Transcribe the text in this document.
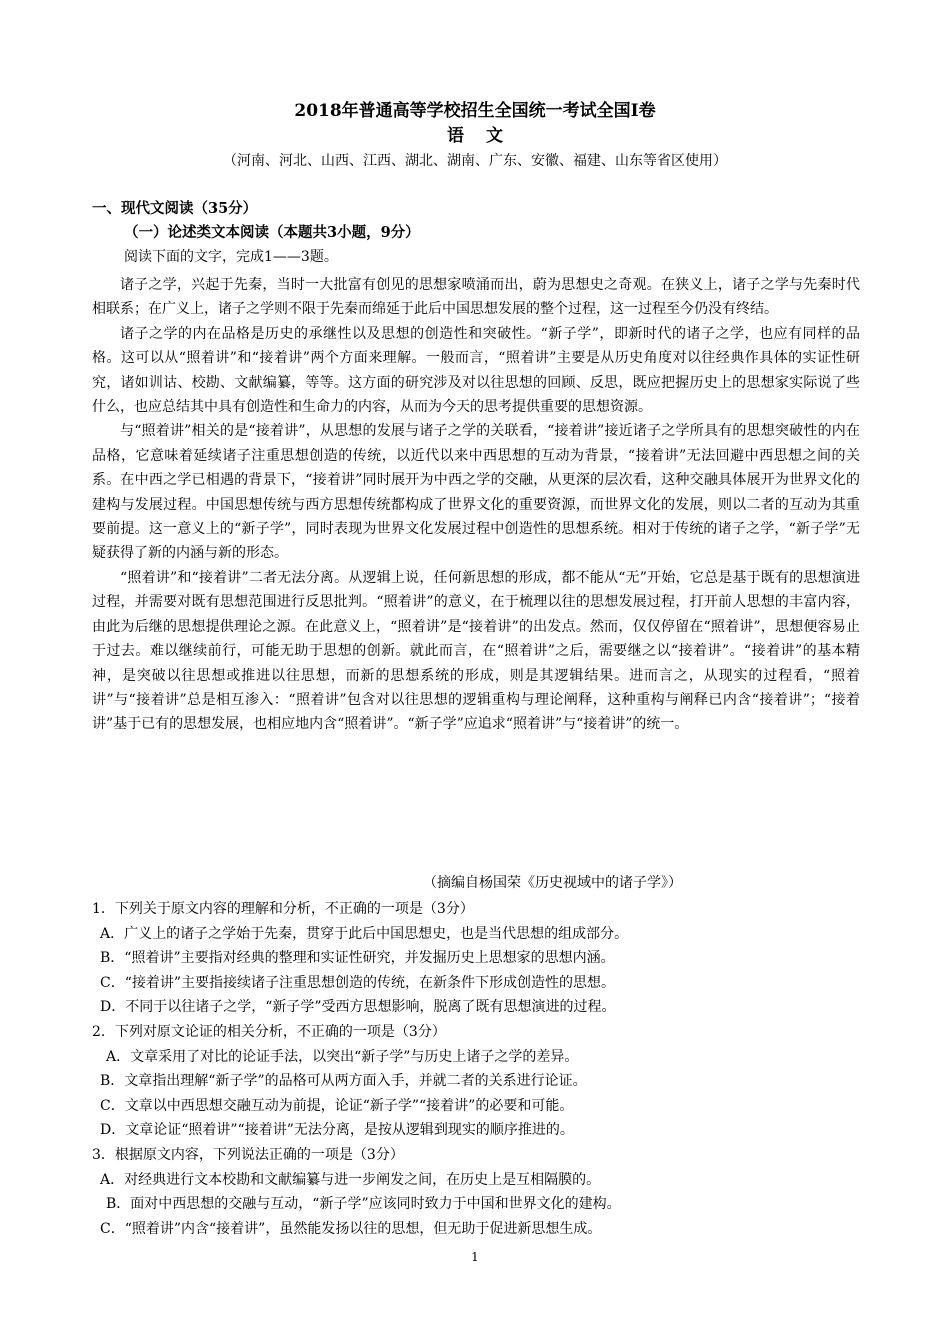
2018年普通高等学校招生全国统一考试全国Ⅰ卷
语文
（河南、河北、山西、江西、湖北、湖南、广东、安徽、福建、山东等省区使用）
一、现代文阅读（35分）
（一）论述类文本阅读（本题共3小题，9分）
阅读下面的文字，完成1——3题。

诸子之学，兴起于先秦，当时一大批富有创见的思想家喷涌而出，蔚为思想史之奇观。在狭义上，诸子之学与先秦时代相联系；在广义上，诸子之学则不限于先秦而绵延于此后中国思想发展的整个过程，这一过程至今仍没有终结。

诸子之学的内在品格是历史的承继性以及思想的创造性和突破性。“新子学”，即新时代的诸子之学，也应有同样的品格。这可以从“照着讲”和“接着讲”两个方面来理解。一般而言，“照着讲”主要是从历史角度对以往经典作具体的实证性研究，诸如训诂、校勘、文献编纂，等等。这方面的研究涉及对以往思想的回顾、反思，既应把握历史上的思想家实际说了些什么，也应总结其中具有创造性和生命力的内容，从而为今天的思考提供重要的思想资源。

与“照着讲”相关的是“接着讲”，从思想的发展与诸子之学的关联看，“接着讲”接近诸子之学所具有的思想突破性的内在品格，它意味着延续诸子注重思想创造的传统，以近代以来中西思想的互动为背景，“接着讲”无法回避中西思想之间的关系。在中西之学已相遇的背景下，“接着讲”同时展开为中西之学的交融，从更深的层次看，这种交融具体展开为世界文化的建构与发展过程。中国思想传统与西方思想传统都构成了世界文化的重要资源，而世界文化的发展，则以二者的互动为其重要前提。这一意义上的“新子学”，同时表现为世界文化发展过程中创造性的思想系统。相对于传统的诸子之学，“新子学”无疑获得了新的内涵与新的形态。

“照着讲”和“接着讲”二者无法分离。从逻辑上说，任何新思想的形成，都不能从“无”开始，它总是基于既有的思想演进过程，并需要对既有思想范围进行反思批判。“照着讲”的意义，在于梳理以往的思想发展过程，打开前人思想的丰富内容，由此为后继的思想提供理论之源。在此意义上，“照着讲”是“接着讲”的出发点。然而，仅仅停留在“照着讲”，思想便容易止于过去。难以继续前行，可能无助于思想的创新。就此而言，在“照着讲”之后，需要继之以“接着讲”。“接着讲”的基本精神，是突破以往思想或推进以往思想，而新的思想系统的形成，则是其逻辑结果。进而言之，从现实的过程看，“照着讲”与“接着讲”总是相互渗入：“照着讲”包含对以往思想的逻辑重构与理论阐释，这种重构与阐释已内含“接着讲”；“接着讲”基于已有的思想发展，也相应地内含“照着讲”。“新子学”应追求“照着讲”与“接着讲”的统一。

（摘编自杨国荣《历史视域中的诸子学》）

1．下列关于原文内容的理解和分析，不正确的一项是（3分）

A．广义上的诸子之学始于先秦，贯穿于此后中国思想史，也是当代思想的组成部分。

B．“照着讲”主要指对经典的整理和实证性研究，并发掘历史上思想家的思想内涵。

C．“接着讲”主要指接续诸子注重思想创造的传统，在新条件下形成创造性的思想。

D．不同于以往诸子之学，“新子学”受西方思想影响，脱离了既有思想演进的过程。

2．下列对原文论证的相关分析，不正确的一项是（3分）

A．文章采用了对比的论证手法，以突出“新子学”与历史上诸子之学的差异。

B．文章指出理解“新子学”的品格可从两方面入手，并就二者的关系进行论证。

C．文章以中西思想交融互动为前提，论证“新子学”“接着讲”的必要和可能。

D．文章论证“照着讲”“接着讲”无法分离，是按从逻辑到现实的顺序推进的。

3．根据原文内容，下列说法正确的一项是（3分）

A．对经典进行文本校勘和文献编纂与进一步阐发之间，在历史上是互相隔膜的。

B．面对中西思想的交融与互动，“新子学”应该同时致力于中国和世界文化的建构。

C．“照着讲”内含“接着讲”，虽然能发扬以往的思想，但无助于促进新思想生成。

1
